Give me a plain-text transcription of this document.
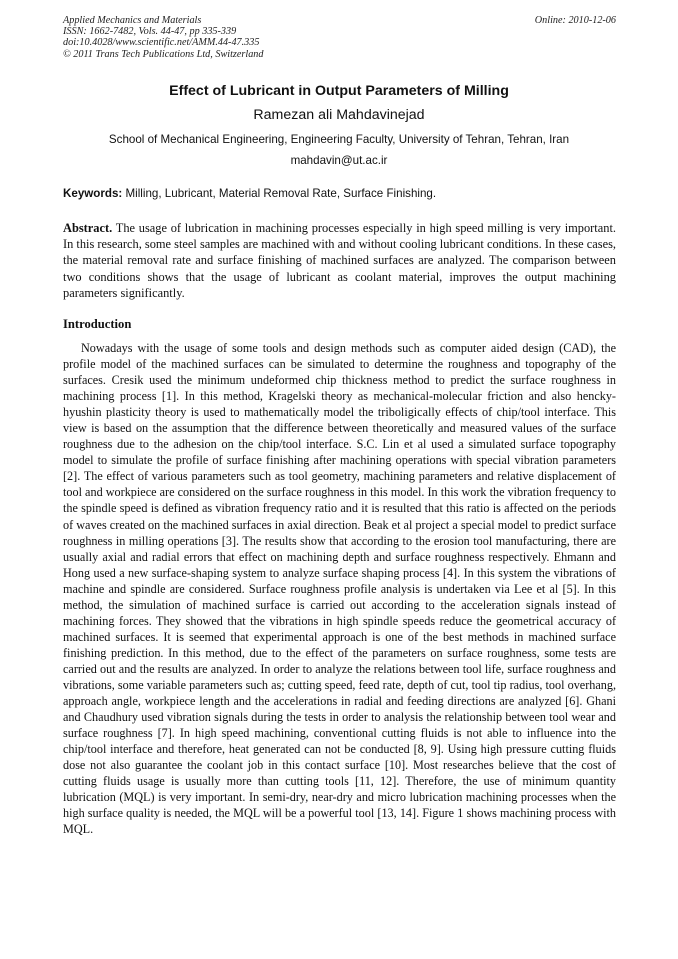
Applied Mechanics and Materials
ISSN: 1662-7482, Vols. 44-47, pp 335-339
doi:10.4028/www.scientific.net/AMM.44-47.335
© 2011 Trans Tech Publications Ltd, Switzerland
Online: 2010-12-06
Effect of Lubricant in Output Parameters of Milling
Ramezan ali Mahdavinejad
School of Mechanical Engineering, Engineering Faculty, University of Tehran, Tehran, Iran
mahdavin@ut.ac.ir
Keywords: Milling, Lubricant, Material Removal Rate, Surface Finishing.
Abstract. The usage of lubrication in machining processes especially in high speed milling is very important. In this research, some steel samples are machined with and without cooling lubricant conditions. In these cases, the material removal rate and surface finishing of machined surfaces are analyzed. The comparison between two conditions shows that the usage of lubricant as coolant material, improves the output machining parameters significantly.
Introduction
Nowadays with the usage of some tools and design methods such as computer aided design (CAD), the profile model of the machined surfaces can be simulated to determine the roughness and topography of the surfaces. Cresik used the minimum undeformed chip thickness method to predict the surface roughness in machining process [1]. In this method, Kragelski theory as mechanical-molecular friction and also hencky-hyushin plasticity theory is used to mathematically model the triboligically effects of chip/tool interface. This view is based on the assumption that the difference between theoretically and measured values of the surface roughness due to the adhesion on the chip/tool interface. S.C. Lin et al used a simulated surface topography model to simulate the profile of surface finishing after machining operations with special vibration parameters [2]. The effect of various parameters such as tool geometry, machining parameters and relative displacement of tool and workpiece are considered on the surface roughness in this model. In this work the vibration frequency to the spindle speed is defined as vibration frequency ratio and it is resulted that this ratio is affected on the periods of waves created on the machined surfaces in axial direction. Beak et al project a special model to predict surface roughness in milling operations [3]. The results show that according to the erosion tool manufacturing, there are usually axial and radial errors that effect on machining depth and surface roughness respectively. Ehmann and Hong used a new surface-shaping system to analyze surface shaping process [4]. In this system the vibrations of machine and spindle are considered. Surface roughness profile analysis is undertaken via Lee et al [5]. In this method, the simulation of machined surface is carried out according to the acceleration signals instead of machining forces. They showed that the vibrations in high spindle speeds reduce the geometrical accuracy of machined surfaces. It is seemed that experimental approach is one of the best methods in machined surface finishing prediction. In this method, due to the effect of the parameters on surface roughness, some tests are carried out and the results are analyzed. In order to analyze the relations between tool life, surface roughness and vibrations, some variable parameters such as; cutting speed, feed rate, depth of cut, tool tip radius, tool overhang, approach angle, workpiece length and the accelerations in radial and feeding directions are analyzed [6]. Ghani and Chaudhury used vibration signals during the tests in order to analysis the relationship between tool wear and surface roughness [7]. In high speed machining, conventional cutting fluids is not able to influence into the chip/tool interface and therefore, heat generated can not be conducted [8, 9]. Using high pressure cutting fluids dose not also guarantee the coolant job in this contact surface [10]. Most researches believe that the cost of cutting fluids usage is usually more than cutting tools [11, 12]. Therefore, the use of minimum quantity lubrication (MQL) is very important. In semi-dry, near-dry and micro lubrication machining processes when the high surface quality is needed, the MQL will be a powerful tool [13, 14]. Figure 1 shows machining process with MQL.
